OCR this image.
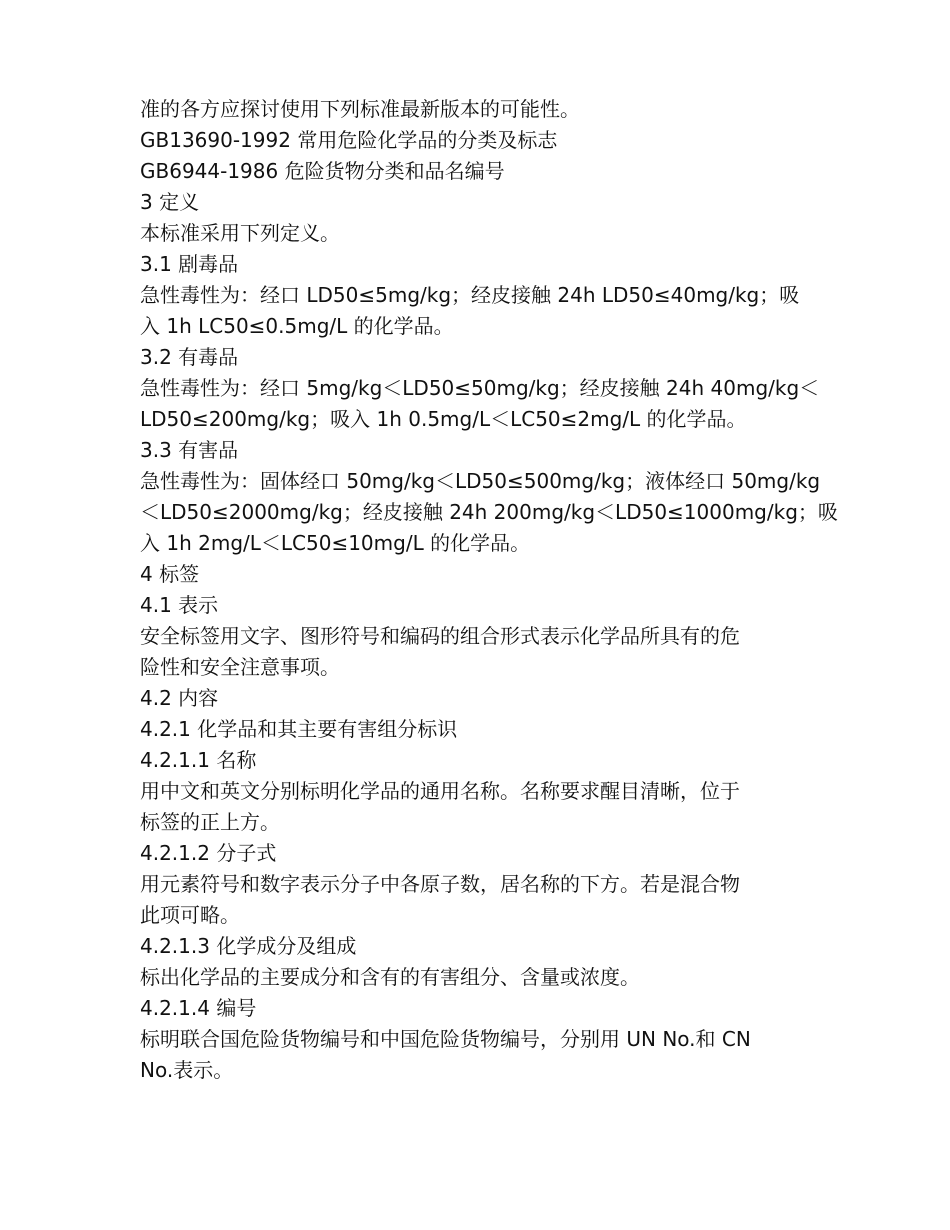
准的各方应探讨使用下列标准最新版本的可能性。

GB13690-1992 常用危险化学品的分类及标志

GB6944-1986 危险货物分类和品名编号

3 定义

本标准采用下列定义。

3.1 剧毒品

急性毒性为：经口 LD50≤5mg/kg；经皮接触 24h LD50≤40mg/kg；吸

入 1h LC50≤0.5mg/L 的化学品。

3.2 有毒品

急性毒性为：经口 5mg/kg＜LD50≤50mg/kg；经皮接触 24h 40mg/kg＜

LD50≤200mg/kg；吸入 1h 0.5mg/L＜LC50≤2mg/L 的化学品。

3.3 有害品

急性毒性为：固体经口 50mg/kg＜LD50≤500mg/kg；液体经口 50mg/kg

＜LD50≤2000mg/kg；经皮接触 24h 200mg/kg＜LD50≤1000mg/kg；吸

入 1h 2mg/L＜LC50≤10mg/L 的化学品。

4 标签

4.1 表示

安全标签用文字、图形符号和编码的组合形式表示化学品所具有的危

险性和安全注意事项。

4.2 内容

4.2.1 化学品和其主要有害组分标识

4.2.1.1 名称

用中文和英文分别标明化学品的通用名称。名称要求醒目清晰，位于

标签的正上方。

4.2.1.2 分子式

用元素符号和数字表示分子中各原子数，居名称的下方。若是混合物

此项可略。

4.2.1.3 化学成分及组成

标出化学品的主要成分和含有的有害组分、含量或浓度。

4.2.1.4 编号

标明联合国危险货物编号和中国危险货物编号，分别用 UN No.和 CN

No.表示。
